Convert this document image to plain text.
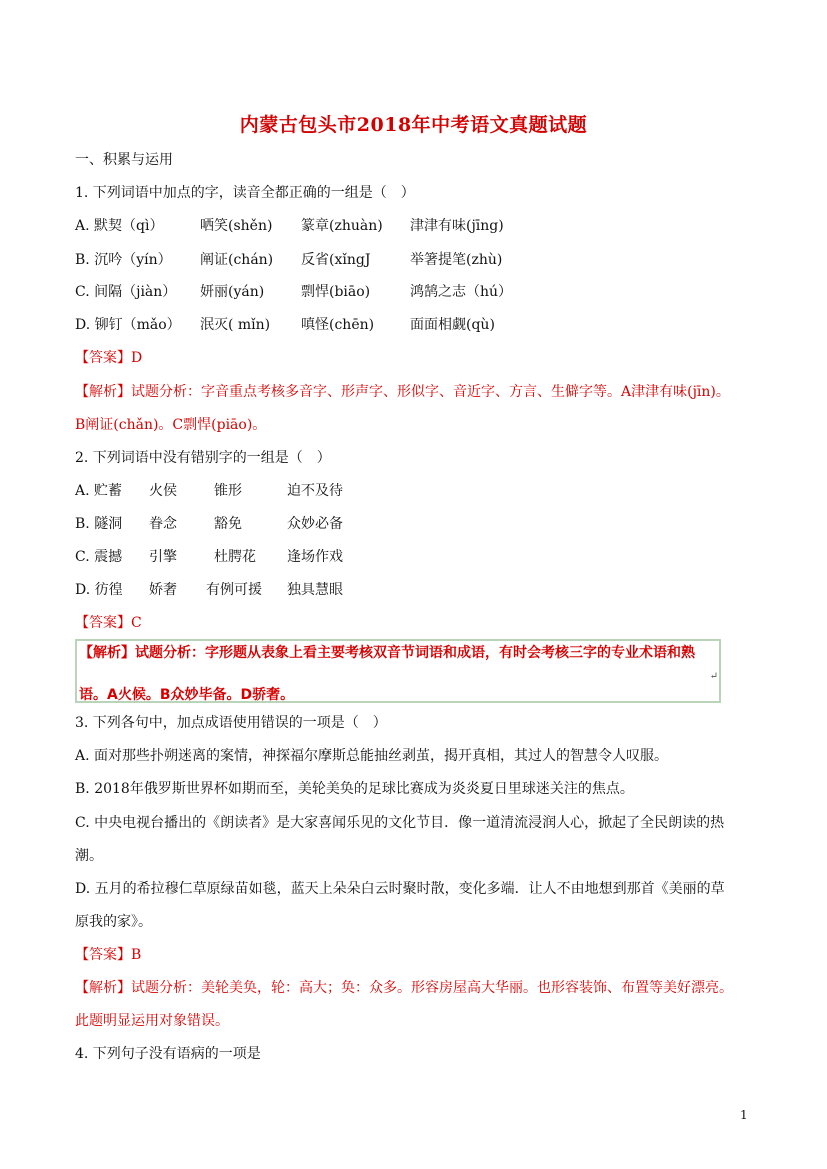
内蒙古包头市2018年中考语文真题试题
一、积累与运用
1. 下列词语中加点的字，读音全都正确的一组是（　）
A. 默契（qì）	哂笑(shěn) 篆章(zhuàn) 津津有味(jīng)
B. 沉吟（yín） 阐证(chán) 反省(xǐngJ	举箸提笔(zhù)
C. 间隔（jiàn） 妍丽(yán)	剽悍(biāo)	鸿鹄之志（hú）
D. 铆钉（mǎo） 泯灭( mǐn) 嗔怪(chēn)	面面相觑(qù)
【答案】D
【解析】试题分析：字音重点考核多音字、形声字、形似字、音近字、方言、生僻字等。A津津有味(jīn)。
B阐证(chǎn)。C剽悍(piāo)。
2. 下列词语中没有错别字的一组是（　）
A. 贮蓄 火侯	锥形	迫不及待
B. 隧洞 眷念	豁免	众妙必备
C. 震撼 引擎	杜腭花 逢场作戏
D. 彷徨 娇奢 有例可援 独具慧眼
【答案】C
【解析】试题分析：字形题从表象上看主要考核双音节词语和成语，有时会考核三字的专业术语和熟
语。A火候。B众妙毕备。D骄奢。
↵
3. 下列各句中，加点成语使用错误的一项是（　）
A. 面对那些扑朔迷离的案情，神探福尔摩斯总能抽丝剥茧，揭开真相，其过人的智慧令人叹服。
B. 2018年俄罗斯世界杯如期而至，美轮美奂的足球比赛成为炎炎夏日里球迷关注的焦点。
C. 中央电视台播出的《朗读者》是大家喜闻乐见的文化节目．像一道清流浸润人心，掀起了全民朗读的热
潮。
D. 五月的希拉穆仁草原绿苗如毯，蓝天上朵朵白云时聚时散，变化多端．让人不由地想到那首《美丽的草
原我的家》。
【答案】B
【解析】试题分析：美轮美奂，轮：高大；奂：众多。形容房屋高大华丽。也形容装饰、布置等美好漂亮。
此题明显运用对象错误。
4. 下列句子没有语病的一项是
1
